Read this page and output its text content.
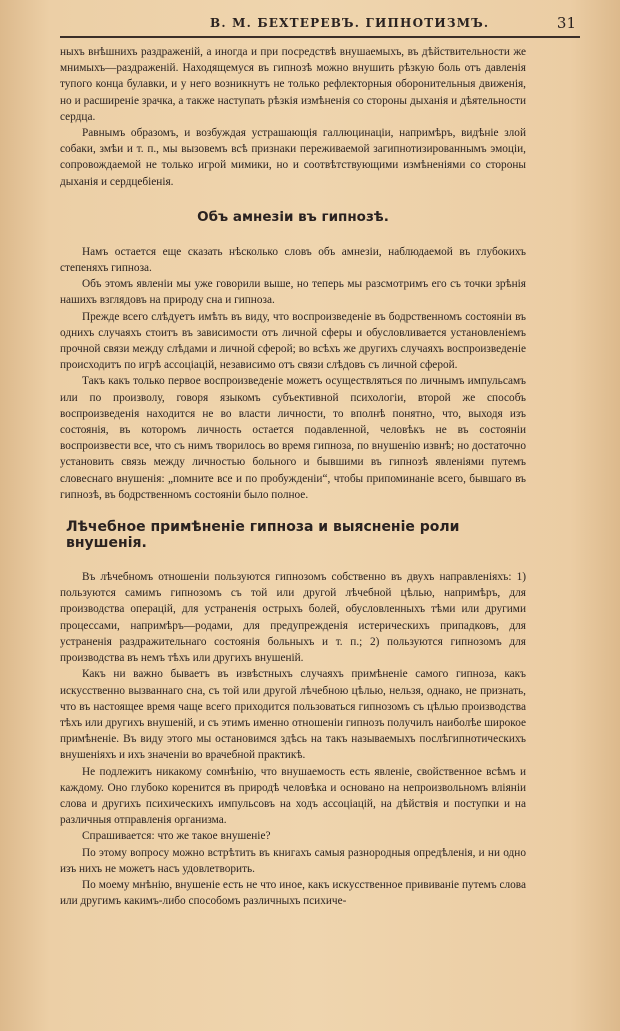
В. М. БЕХТЕРЕВЪ. ГИПНОТИЗМЪ.	31

ныхъ внѣшнихъ раздраженій, а иногда и при посредствѣ внушаемыхъ, въ дѣйствительности же мнимыхъ—раздраженій. Находящемуся въ гипнозѣ можно внушить рѣзкую боль отъ давленія тупого конца булавки, и у него возникнутъ не только рефлекторныя оборонительныя движенія, но и расширеніе зрачка, а также наступать рѣзкія измѣненія со стороны дыханія и дѣятельности сердца.

Равнымъ образомъ, и возбуждая устрашающія галлюцинаціи, напримѣръ, видѣніе злой собаки, змѣи и т. п., мы вызовемъ всѣ признаки переживаемой загипнотизированнымъ эмоціи, сопровождаемой не только игрой мимики, но и соотвѣтствующими измѣненіями со стороны дыханія и сердцебіенія.

Объ амнезіи въ гипнозѣ.

Намъ остается еще сказать нѣсколько словъ объ амнезіи, наблюдаемой въ глубокихъ степеняхъ гипноза.

Объ этомъ явленіи мы уже говорили выше, но теперь мы разсмотримъ его съ точки зрѣнія нашихъ взглядовъ на природу сна и гипноза.

Прежде всего слѣдуетъ имѣть въ виду, что воспроизведеніе въ бодрственномъ состояніи въ однихъ случаяхъ стоитъ въ зависимости отъ личной сферы и обусловливается установленіемъ прочной связи между слѣдами и личной сферой; во всѣхъ же другихъ случаяхъ воспроизведеніе происходитъ по игрѣ ассоціацій, независимо отъ связи слѣдовъ съ личной сферой.

Такъ какъ только первое воспроизведеніе можетъ осуществляться по личнымъ импульсамъ или по произволу, говоря языкомъ субъективной психологіи, второй же способъ воспроизведенія находится не во власти личности, то вполнѣ понятно, что, выходя изъ состоянія, въ которомъ личность остается подавленной, человѣкъ не въ состояніи воспроизвести все, что съ нимъ творилось во время гипноза, по внушенію извнѣ; но достаточно установить связь между личностью больного и бывшими въ гипнозѣ явленіями путемъ словеснаго внушенія: „помните все и по пробужденіи“, чтобы припоминаніе всего, бывшаго въ гипнозѣ, въ бодрственномъ состояніи было полное.

Лѣчебное примѣненіе гипноза и выясненіе роли внушенія.

Въ лѣчебномъ отношеніи пользуются гипнозомъ собственно въ двухъ направленіяхъ: 1) пользуются самимъ гипнозомъ съ той или другой лѣчебной цѣлью, напримѣръ, для производства операцій, для устраненія острыхъ болей, обусловленныхъ тѣми или другими процессами, напримѣръ—родами, для предупрежденія истерическихъ припадковъ, для устраненія раздражительнаго состоянія больныхъ и т. п.; 2) пользуются гипнозомъ для производства въ немъ тѣхъ или другихъ внушеній.

Какъ ни важно бываетъ въ извѣстныхъ случаяхъ примѣненіе самого гипноза, какъ искусственно вызваннаго сна, съ той или другой лѣчебною цѣлью, нельзя, однако, не признать, что въ настоящее время чаще всего приходится пользоваться гипнозомъ съ цѣлью производства тѣхъ или другихъ внушеній, и съ этимъ именно отношеніи гипнозъ получилъ наиболѣе широкое примѣненіе. Въ виду этого мы остановимся здѣсь на такъ называемыхъ послѣгипнотическихъ внушеніяхъ и ихъ значеніи во врачебной практикѣ.

Не подлежитъ никакому сомнѣнію, что внушаемость есть явленіе, свойственное всѣмъ и каждому. Оно глубоко коренится въ природѣ человѣка и основано на непроизвольномъ вліяніи слова и другихъ психическихъ импульсовъ на ходъ ассоціацій, на дѣйствія и поступки и на различныя отправленія организма.

Спрашивается: что же такое внушеніе?

По этому вопросу можно встрѣтить въ книгахъ самыя разнородныя опредѣленія, и ни одно изъ нихъ не можетъ насъ удовлетворить.

По моему мнѣнію, внушеніе есть не что иное, какъ искусственное прививаніе путемъ слова или другимъ какимъ-либо способомъ различныхъ психиче-
